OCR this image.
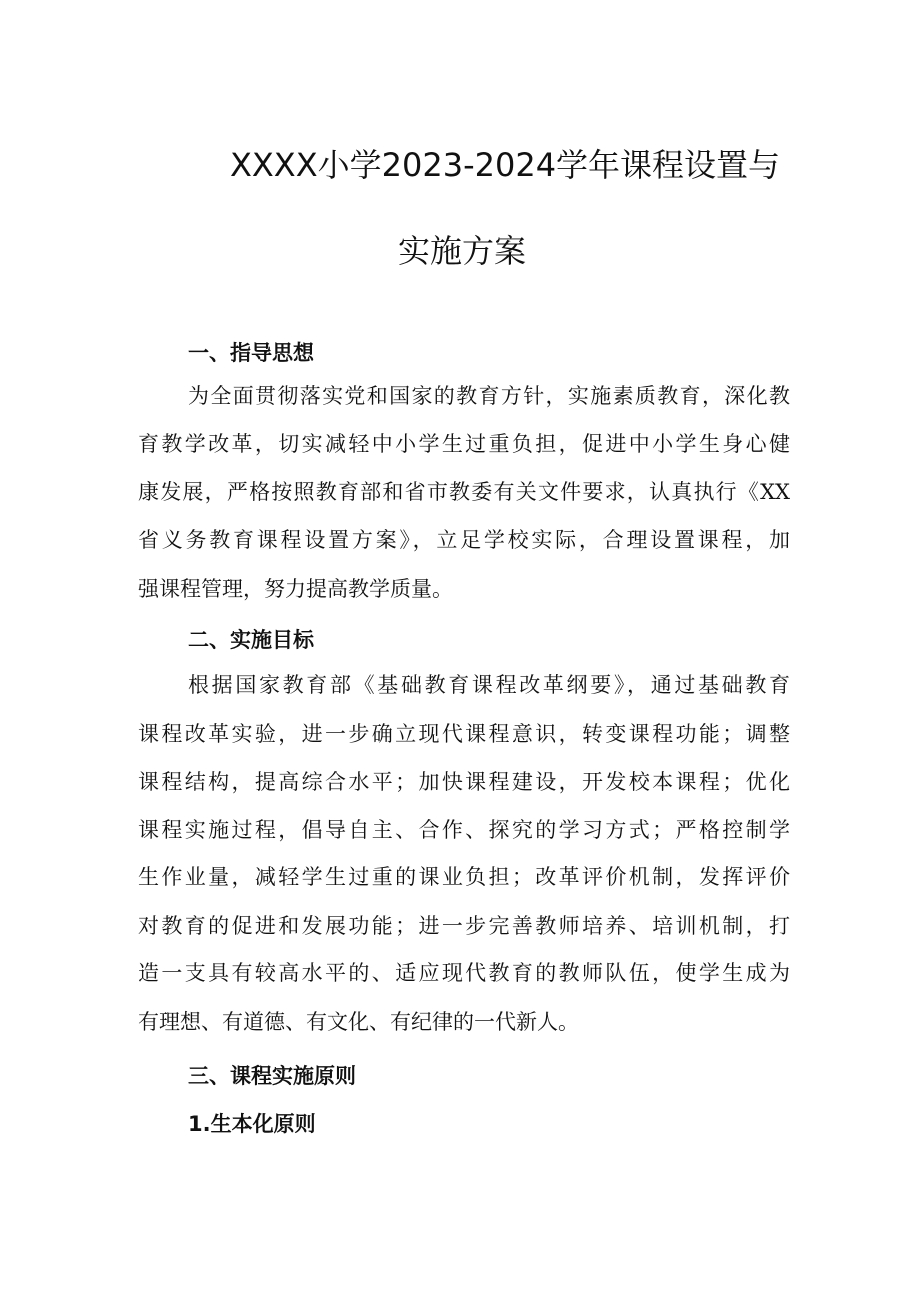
XXXX小学2023-2024学年课程设置与
实施方案
一、指导思想
为全面贯彻落实党和国家的教育方针，实施素质教育，深化教
育教学改革，切实减轻中小学生过重负担，促进中小学生身心健
康发展，严格按照教育部和省市教委有关文件要求，认真执行《XX
省义务教育课程设置方案》，立足学校实际，合理设置课程，加
强课程管理，努力提高教学质量。
二、实施目标
根据国家教育部《基础教育课程改革纲要》，通过基础教育
课程改革实验，进一步确立现代课程意识，转变课程功能；调整
课程结构，提高综合水平；加快课程建设，开发校本课程；优化
课程实施过程，倡导自主、合作、探究的学习方式；严格控制学
生作业量，减轻学生过重的课业负担；改革评价机制，发挥评价
对教育的促进和发展功能；进一步完善教师培养、培训机制，打
造一支具有较高水平的、适应现代教育的教师队伍，使学生成为
有理想、有道德、有文化、有纪律的一代新人。
三、课程实施原则
1.生本化原则
